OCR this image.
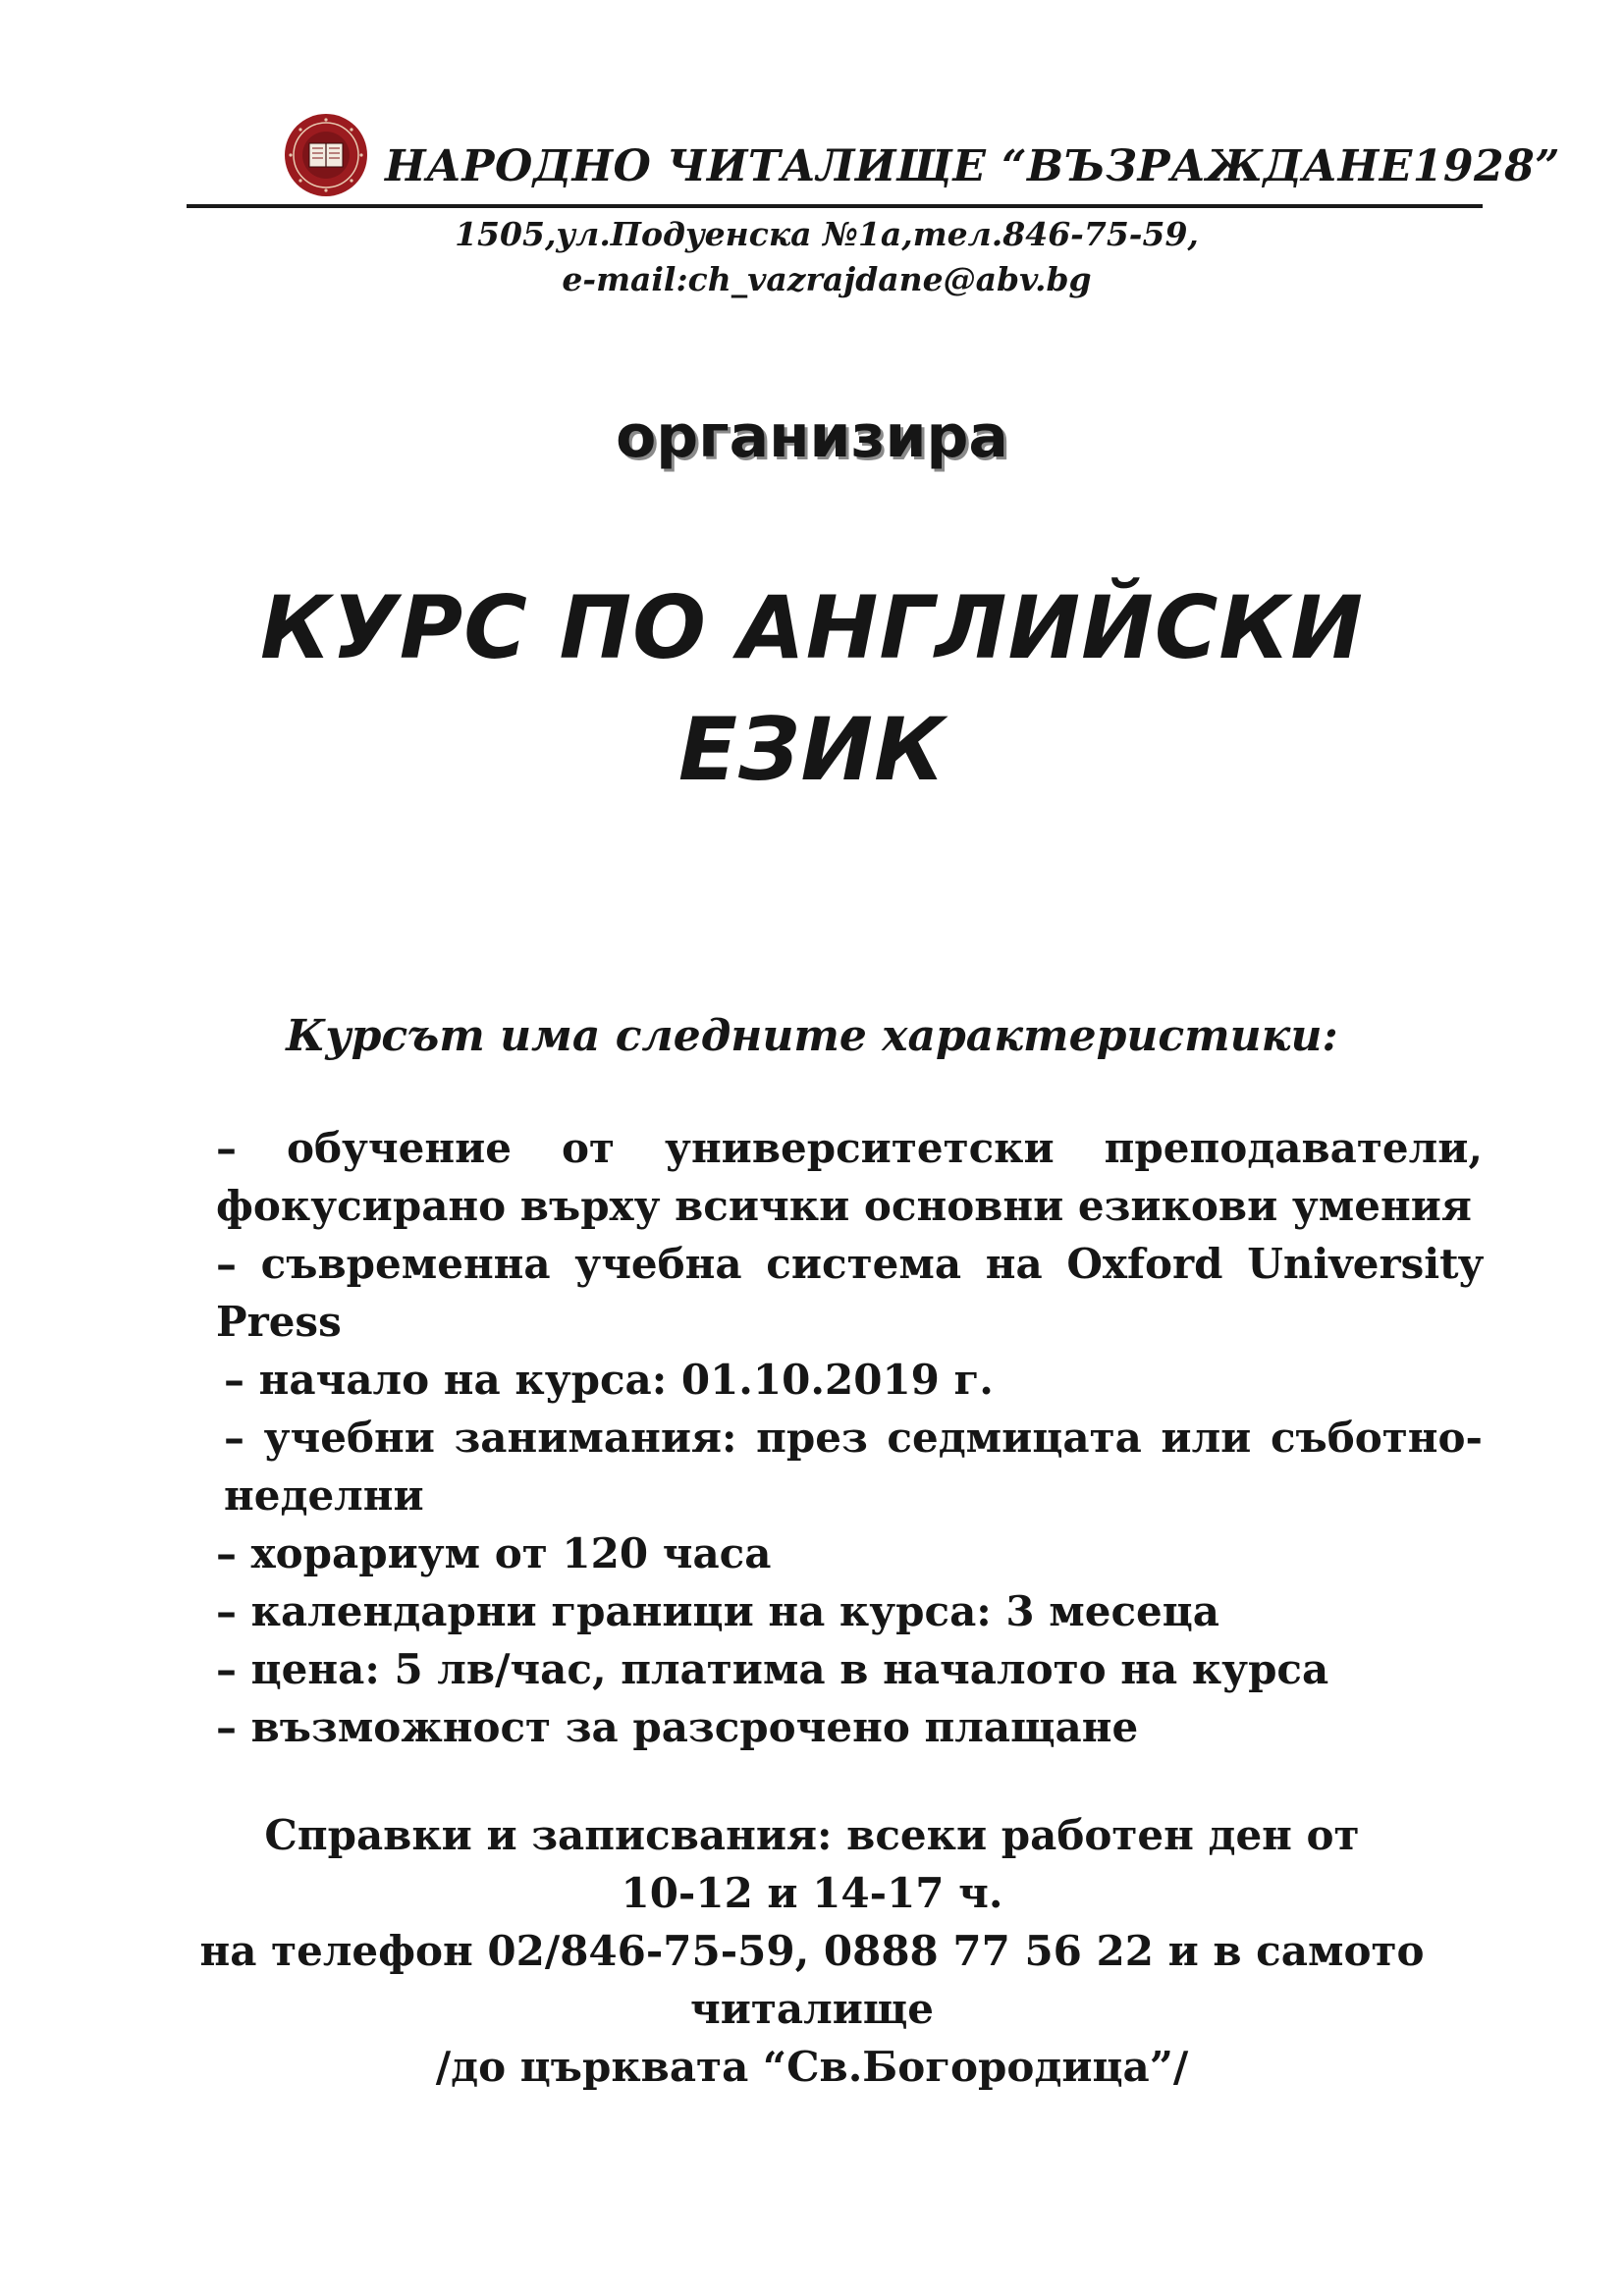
НАРОДНО ЧИТАЛИЩЕ “ВЪЗРАЖДАНЕ1928”

1505,ул.Подуенска №1а,тел.846-75-59,

e-mail:ch_vazrajdane@abv.bg

организира

КУРС ПО АНГЛИЙСКИ
ЕЗИК

Курсът има следните характеристики:

– обучение от университетски преподаватели, фокусирано върху всички основни езикови умения
– съвременна учебна система на Oxford University Press
– начало на курса: 01.10.2019 г.
– учебни занимания: през седмицата или съботно-неделни
– хорариум от 120 часа
– календарни граници на курса: 3 месеца
– цена: 5 лв/час, платима в началото на курса
– възможност за разсрочено плащане

Справки и записвания: всеки работен ден от

10-12 и 14-17 ч.

на телефон 02/846-75-59, 0888 77 56 22 и в самото

читалище

/до църквата “Св.Богородица”/
